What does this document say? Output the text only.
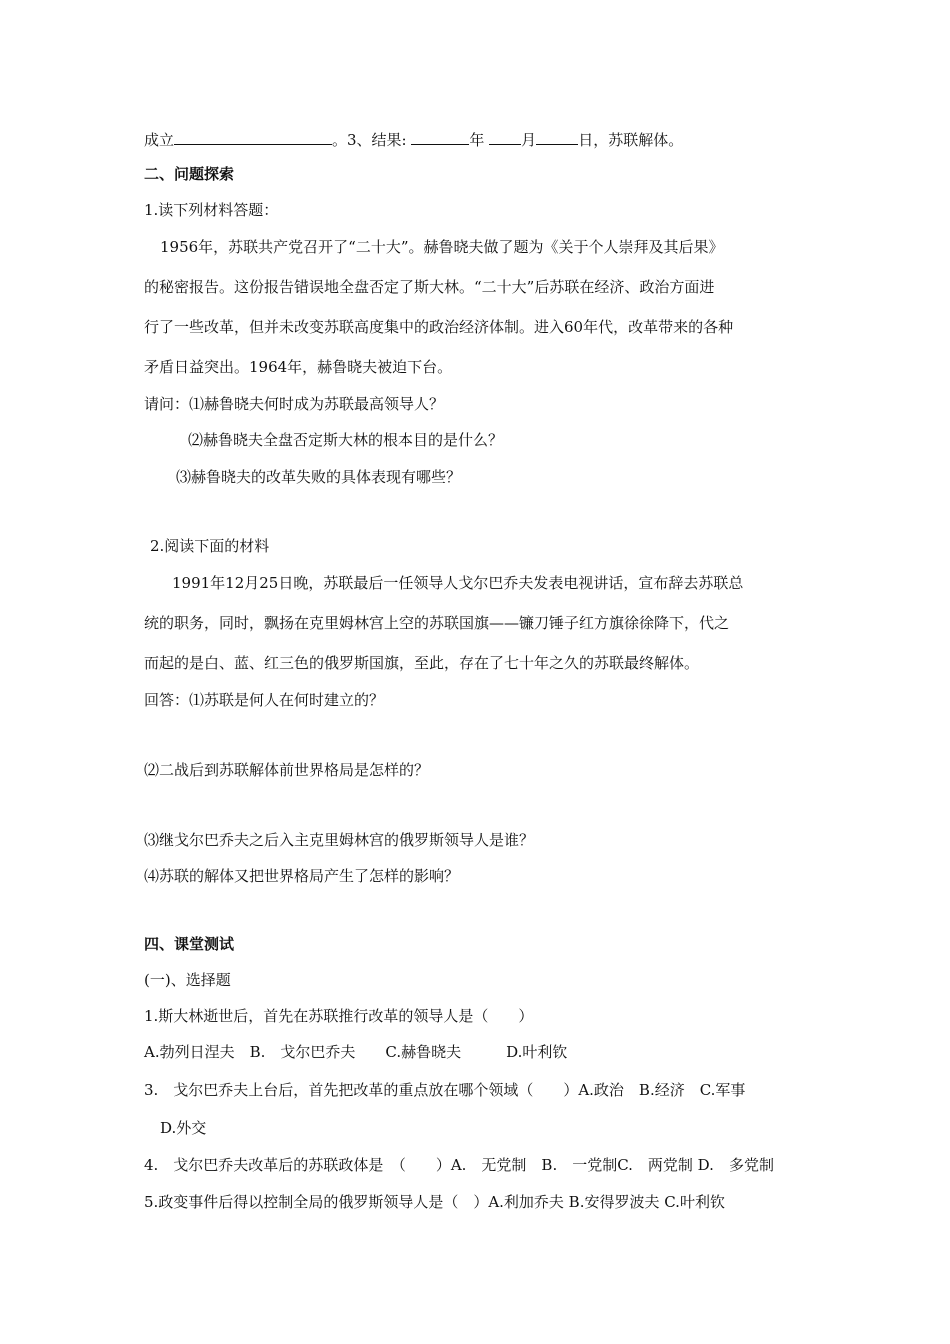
成立	。3、结果:	年 月	日，苏联解体。
二、问题探索
1.读下列材料答题：
1956年，苏联共产党召开了“二十大”。赫鲁晓夫做了题为《关于个人崇拜及其后果》
的秘密报告。这份报告错误地全盘否定了斯大林。“二十大”后苏联在经济、政治方面进
行了一些改革，但并未改变苏联高度集中的政治经济体制。进入60年代，改革带来的各种
矛盾日益突出。1964年，赫鲁晓夫被迫下台。
请问：⑴赫鲁晓夫何时成为苏联最高领导人？
⑵赫鲁晓夫全盘否定斯大林的根本目的是什么？
⑶赫鲁晓夫的改革失败的具体表现有哪些？
2.阅读下面的材料
1991年12月25日晚，苏联最后一任领导人戈尔巴乔夫发表电视讲话，宣布辞去苏联总
统的职务，同时，飘扬在克里姆林宫上空的苏联国旗——镰刀锤子红方旗徐徐降下，代之
而起的是白、蓝、红三色的俄罗斯国旗，至此，存在了七十年之久的苏联最终解体。
回答：⑴苏联是何人在何时建立的？
⑵二战后到苏联解体前世界格局是怎样的？
⑶继戈尔巴乔夫之后入主克里姆林宫的俄罗斯领导人是谁？
⑷苏联的解体又把世界格局产生了怎样的影响？
四、课堂测试
(一)、选择题
1.斯大林逝世后，首先在苏联推行改革的领导人是（　　）
A.勃列日涅夫　B.　戈尔巴乔夫　　C.赫鲁晓夫　　　D.叶利钦
3.　戈尔巴乔夫上台后，首先把改革的重点放在哪个领域（　　）A.政治　B.经济　C.军事
D.外交
4.　戈尔巴乔夫改革后的苏联政体是　（　　）A.　无党制　B.　一党制C.　两党制 D.　多党制
5.政变事件后得以控制全局的俄罗斯领导人是（　）A.利加乔夫 B.安得罗波夫 C.叶利钦
